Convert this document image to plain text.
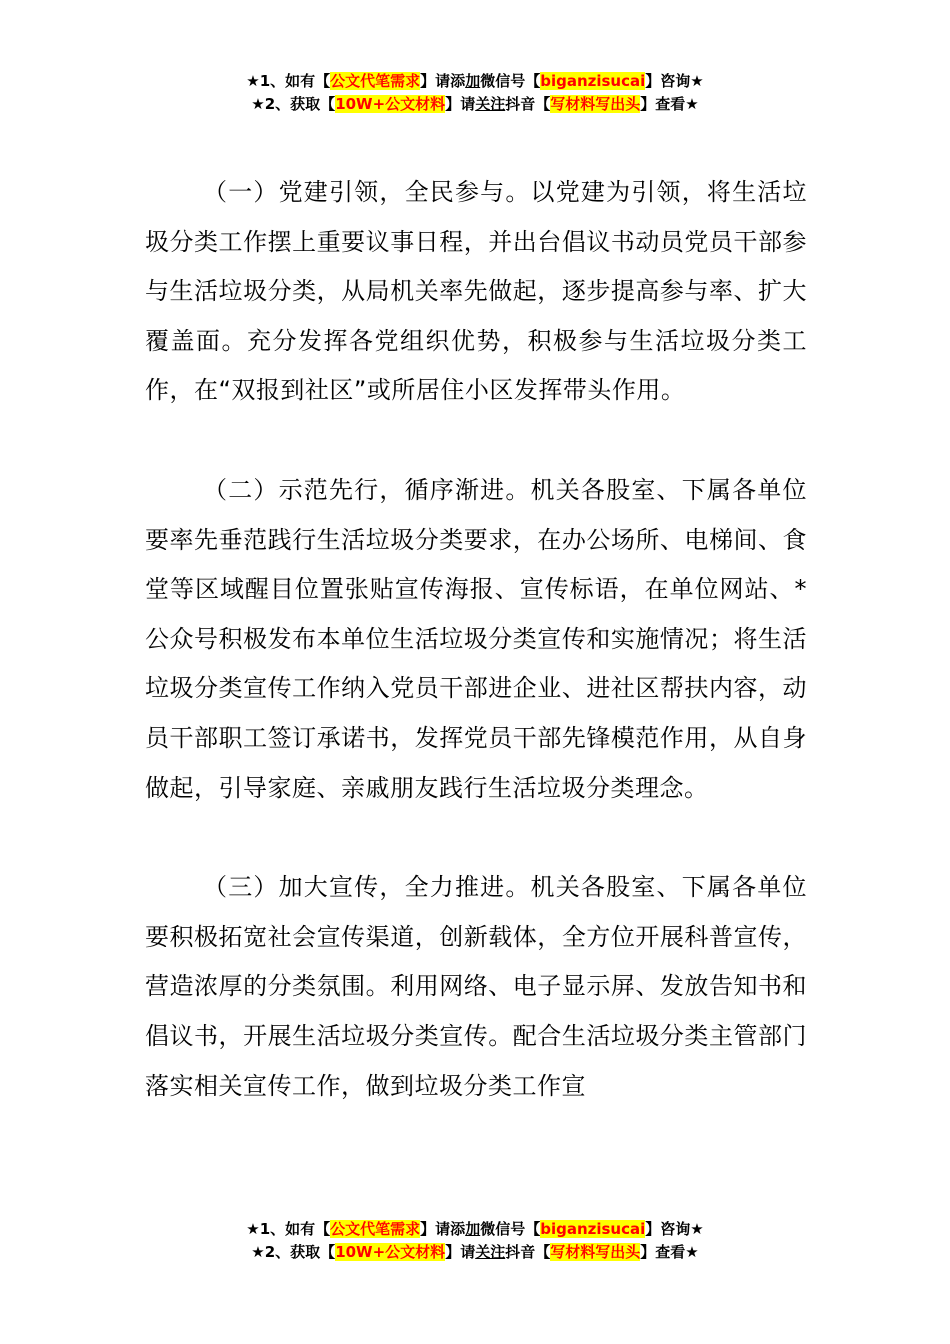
★1、如有【公文代笔需求】请添加微信号【biganzisucai】咨询★
★2、获取【10W+公文材料】请关注抖音【写材料写出头】查看★

（一）党建引领，全民参与。以党建为引领，将生活垃圾分类工作摆上重要议事日程，并出台倡议书动员党员干部参与生活垃圾分类，从局机关率先做起，逐步提高参与率、扩大覆盖面。充分发挥各党组织优势，积极参与生活垃圾分类工作，在“双报到社区”或所居住小区发挥带头作用。

（二）示范先行，循序渐进。机关各股室、下属各单位要率先垂范践行生活垃圾分类要求，在办公场所、电梯间、食堂等区域醒目位置张贴宣传海报、宣传标语，在单位网站、*公众号积极发布本单位生活垃圾分类宣传和实施情况；将生活垃圾分类宣传工作纳入党员干部进企业、进社区帮扶内容，动员干部职工签订承诺书，发挥党员干部先锋模范作用，从自身做起，引导家庭、亲戚朋友践行生活垃圾分类理念。

（三）加大宣传，全力推进。机关各股室、下属各单位要积极拓宽社会宣传渠道，创新载体，全方位开展科普宣传，营造浓厚的分类氛围。利用网络、电子显示屏、发放告知书和倡议书，开展生活垃圾分类宣传。配合生活垃圾分类主管部门落实相关宣传工作，做到垃圾分类工作宣

★1、如有【公文代笔需求】请添加微信号【biganzisucai】咨询★
★2、获取【10W+公文材料】请关注抖音【写材料写出头】查看★
